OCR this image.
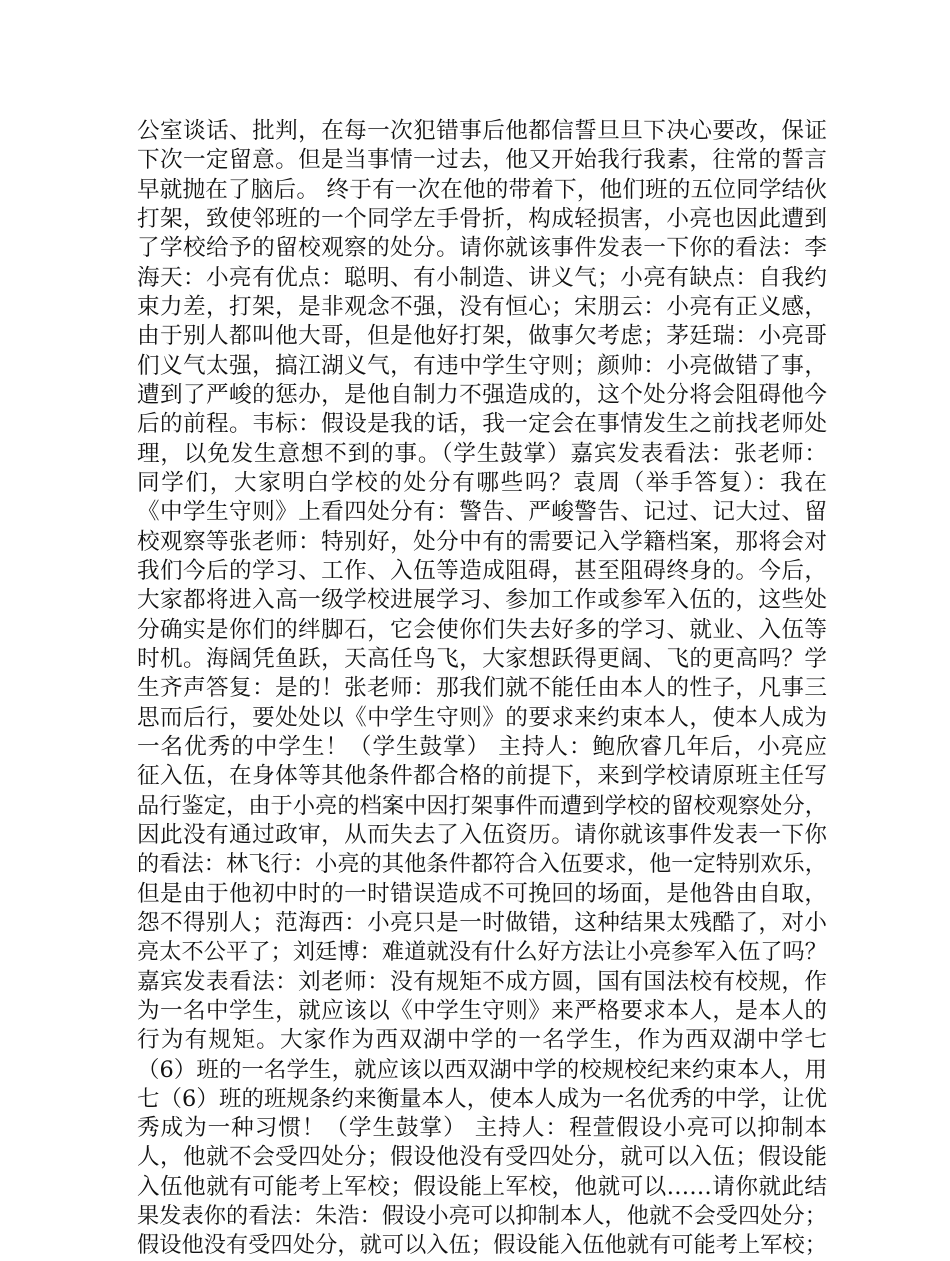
公室谈话、批判，在每一次犯错事后他都信誓旦旦下决心要改，保证
下次一定留意。但是当事情一过去，他又开始我行我素，往常的誓言
早就抛在了脑后。 终于有一次在他的带着下，他们班的五位同学结伙
打架，致使邻班的一个同学左手骨折，构成轻损害，小亮也因此遭到
了学校给予的留校观察的处分。请你就该事件发表一下你的看法：李
海天：小亮有优点：聪明、有小制造、讲义气；小亮有缺点：自我约
束力差，打架，是非观念不强，没有恒心；宋朋云：小亮有正义感，
由于别人都叫他大哥，但是他好打架，做事欠考虑；茅廷瑞：小亮哥
们义气太强，搞江湖义气，有违中学生守则；颜帅：小亮做错了事，
遭到了严峻的惩办，是他自制力不强造成的，这个处分将会阻碍他今
后的前程。韦标：假设是我的话，我一定会在事情发生之前找老师处
理，以免发生意想不到的事。（学生鼓掌）嘉宾发表看法：张老师：
同学们，大家明白学校的处分有哪些吗？袁周（举手答复）：我在
《中学生守则》上看四处分有：警告、严峻警告、记过、记大过、留
校观察等张老师：特别好，处分中有的需要记入学籍档案，那将会对
我们今后的学习、工作、入伍等造成阻碍，甚至阻碍终身的。今后，
大家都将进入高一级学校进展学习、参加工作或参军入伍的，这些处
分确实是你们的绊脚石，它会使你们失去好多的学习、就业、入伍等
时机。海阔凭鱼跃，天高任鸟飞，大家想跃得更阔、飞的更高吗？学
生齐声答复：是的！张老师：那我们就不能任由本人的性子，凡事三
思而后行，要处处以《中学生守则》的要求来约束本人，使本人成为
一名优秀的中学生！（学生鼓掌） 主持人：鲍欣睿几年后，小亮应
征入伍，在身体等其他条件都合格的前提下，来到学校请原班主任写
品行鉴定，由于小亮的档案中因打架事件而遭到学校的留校观察处分，
因此没有通过政审，从而失去了入伍资历。请你就该事件发表一下你
的看法：林飞行：小亮的其他条件都符合入伍要求，他一定特别欢乐，
但是由于他初中时的一时错误造成不可挽回的场面，是他咎由自取，
怨不得别人；范海西：小亮只是一时做错，这种结果太残酷了，对小
亮太不公平了；刘廷博：难道就没有什么好方法让小亮参军入伍了吗？
嘉宾发表看法：刘老师：没有规矩不成方圆，国有国法校有校规，作
为一名中学生，就应该以《中学生守则》来严格要求本人，是本人的
行为有规矩。大家作为西双湖中学的一名学生，作为西双湖中学七
（6）班的一名学生，就应该以西双湖中学的校规校纪来约束本人，用
七（6）班的班规条约来衡量本人，使本人成为一名优秀的中学，让优
秀成为一种习惯！（学生鼓掌） 主持人：程萱假设小亮可以抑制本
人，他就不会受四处分；假设他没有受四处分，就可以入伍；假设能
入伍他就有可能考上军校；假设能上军校，他就可以……请你就此结
果发表你的看法：朱浩：假设小亮可以抑制本人，他就不会受四处分；
假设他没有受四处分，就可以入伍；假设能入伍他就有可能考上军校；
